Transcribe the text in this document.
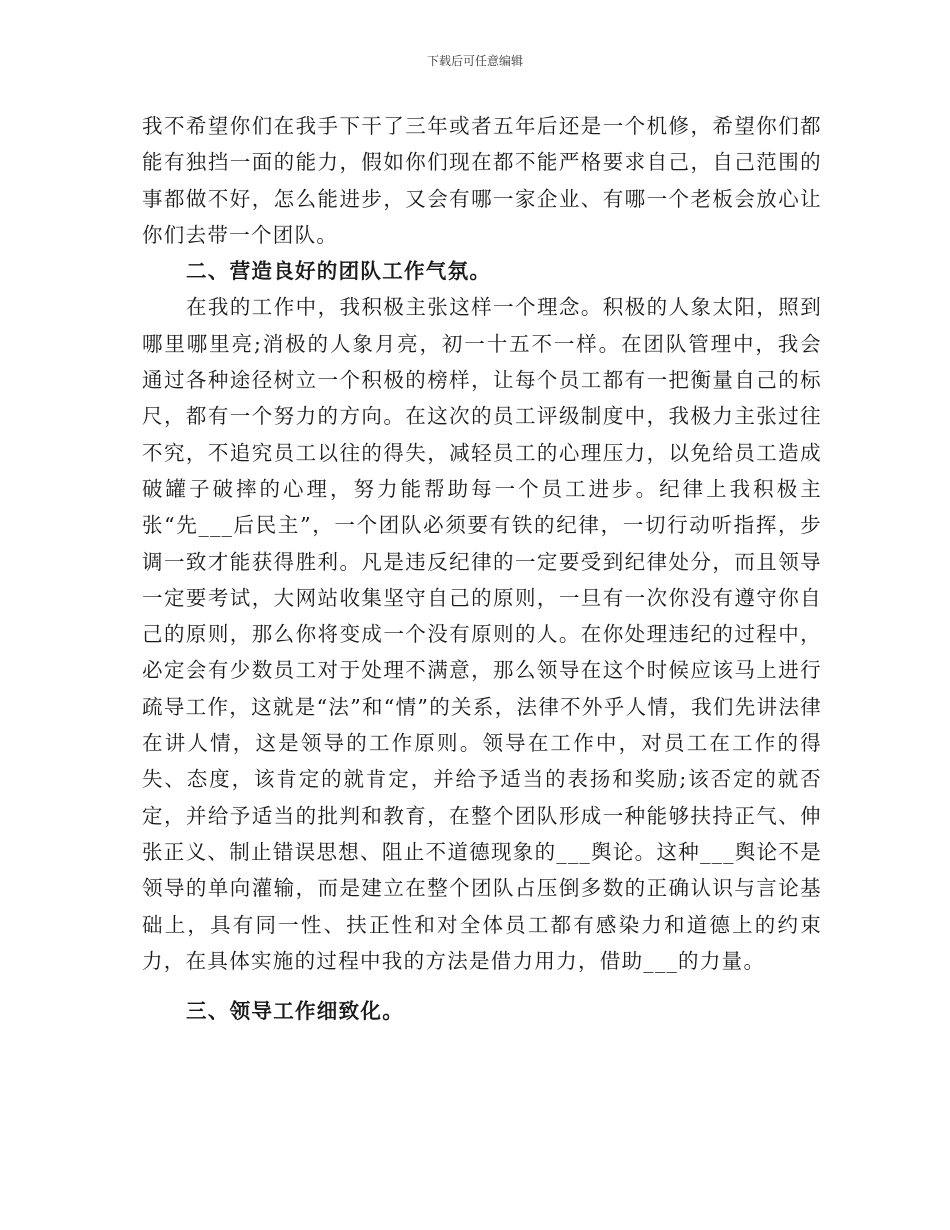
下载后可任意编辑

我不希望你们在我手下干了三年或者五年后还是一个机修，希望你们都能有独挡一面的能力，假如你们现在都不能严格要求自己，自己范围的事都做不好，怎么能进步，又会有哪一家企业、有哪一个老板会放心让你们去带一个团队。

二、营造良好的团队工作气氛。

在我的工作中，我积极主张这样一个理念。积极的人象太阳，照到哪里哪里亮;消极的人象月亮，初一十五不一样。在团队管理中，我会通过各种途径树立一个积极的榜样，让每个员工都有一把衡量自己的标尺，都有一个努力的方向。在这次的员工评级制度中，我极力主张过往不究，不追究员工以往的得失，减轻员工的心理压力，以免给员工造成破罐子破摔的心理，努力能帮助每一个员工进步。纪律上我积极主张“先___后民主”，一个团队必须要有铁的纪律，一切行动听指挥，步调一致才能获得胜利。凡是违反纪律的一定要受到纪律处分，而且领导一定要考试，大网站收集坚守自己的原则，一旦有一次你没有遵守你自己的原则，那么你将变成一个没有原则的人。在你处理违纪的过程中，必定会有少数员工对于处理不满意，那么领导在这个时候应该马上进行疏导工作，这就是“法”和“情”的关系，法律不外乎人情，我们先讲法律在讲人情，这是领导的工作原则。领导在工作中，对员工在工作的得失、态度，该肯定的就肯定，并给予适当的表扬和奖励;该否定的就否定，并给予适当的批判和教育，在整个团队形成一种能够扶持正气、伸张正义、制止错误思想、阻止不道德现象的___舆论。这种___舆论不是领导的单向灌输，而是建立在整个团队占压倒多数的正确认识与言论基础上，具有同一性、扶正性和对全体员工都有感染力和道德上的约束力，在具体实施的过程中我的方法是借力用力，借助___的力量。

三、领导工作细致化。
